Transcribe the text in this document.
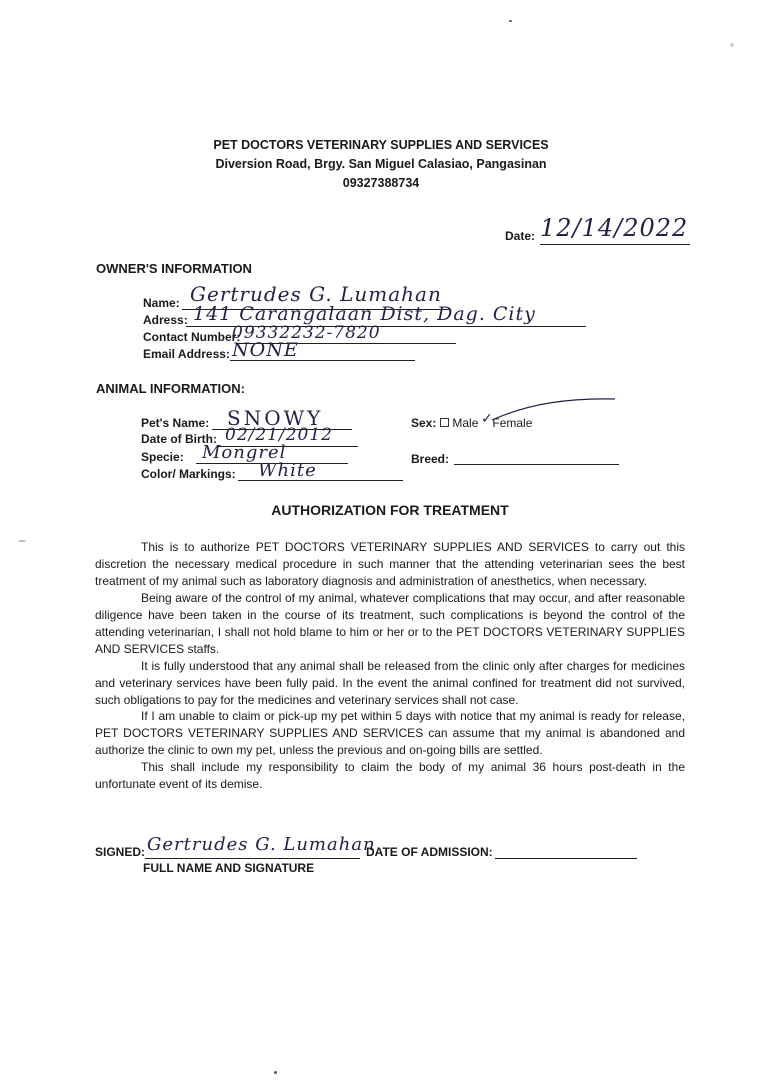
PET DOCTORS VETERINARY SUPPLIES AND SERVICES
Diversion Road, Brgy. San Miguel Calasiao, Pangasinan
09327388734
Date: 12/14/2022
OWNER'S INFORMATION
Name: Gertrudes G. Lumahan
Adress: 141 Carangalaan Dist, Dag. City
Contact Number:
09332232-7820
Email Address: NONE
ANIMAL INFORMATION:
Pet's Name: SNOWY
Date of Birth: 02/21/2012
Specie: Mongrel
Color/ Markings: White
Sex: Male Female
✓
Breed:
AUTHORIZATION FOR TREATMENT
This is to authorize PET DOCTORS VETERINARY SUPPLIES AND SERVICES to carry out this discretion the necessary medical procedure in such manner that the attending veterinarian sees the best treatment of my animal such as laboratory diagnosis and administration of anesthetics, when necessary.
Being aware of the control of my animal, whatever complications that may occur, and after reasonable diligence have been taken in the course of its treatment, such complications is beyond the control of the attending veterinarian, I shall not hold blame to him or her or to the PET DOCTORS VETERINARY SUPPLIES AND SERVICES staffs.
It is fully understood that any animal shall be released from the clinic only after charges for medicines and veterinary services have been fully paid. In the event the animal confined for treatment did not survived, such obligations to pay for the medicines and veterinary services shall not case.
If I am unable to claim or pick-up my pet within 5 days with notice that my animal is ready for release, PET DOCTORS VETERINARY SUPPLIES AND SERVICES can assume that my animal is abandoned and authorize the clinic to own my pet, unless the previous and on-going bills are settled.
This shall include my responsibility to claim the body of my animal 36 hours post-death in the unfortunate event of its demise.
SIGNED: Gertrudes G. Lumahan
FULL NAME AND SIGNATURE
DATE OF ADMISSION:
